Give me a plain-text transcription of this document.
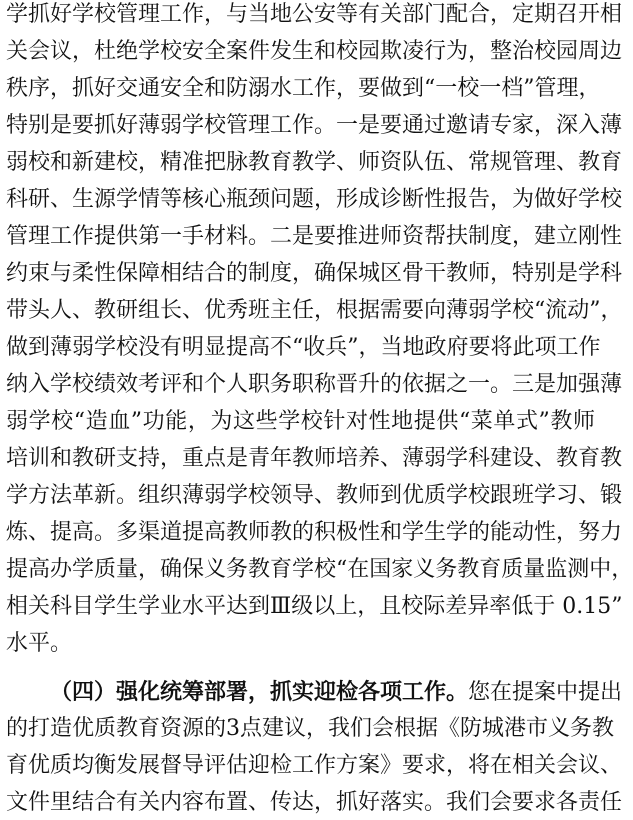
学抓好学校管理工作，与当地公安等有关部门配合，定期召开相
关会议，杜绝学校安全案件发生和校园欺凌行为，整治校园周边
秩序，抓好交通安全和防溺水工作，要做到“一校一档”管理，
特别是要抓好薄弱学校管理工作。一是要通过邀请专家，深入薄
弱校和新建校，精准把脉教育教学、师资队伍、常规管理、教育
科研、生源学情等核心瓶颈问题，形成诊断性报告，为做好学校
管理工作提供第一手材料。二是要推进师资帮扶制度，建立刚性
约束与柔性保障相结合的制度，确保城区骨干教师，特别是学科
带头人、教研组长、优秀班主任，根据需要向薄弱学校“流动”，
做到薄弱学校没有明显提高不“收兵”，当地政府要将此项工作
纳入学校绩效考评和个人职务职称晋升的依据之一。三是加强薄
弱学校“造血”功能，为这些学校针对性地提供“菜单式”教师
培训和教研支持，重点是青年教师培养、薄弱学科建设、教育教
学方法革新。组织薄弱学校领导、教师到优质学校跟班学习、锻
炼、提高。多渠道提高教师教的积极性和学生学的能动性，努力
提高办学质量，确保义务教育学校“在国家义务教育质量监测中，
相关科目学生学业水平达到Ⅲ级以上，且校际差异率低于 0.15”
水平。
（四）强化统筹部署，抓实迎检各项工作。您在提案中提出
的打造优质教育资源的3点建议，我们会根据《防城港市义务教
育优质均衡发展督导评估迎检工作方案》要求，将在相关会议、
文件里结合有关内容布置、传达，抓好落实。我们会要求各责任
